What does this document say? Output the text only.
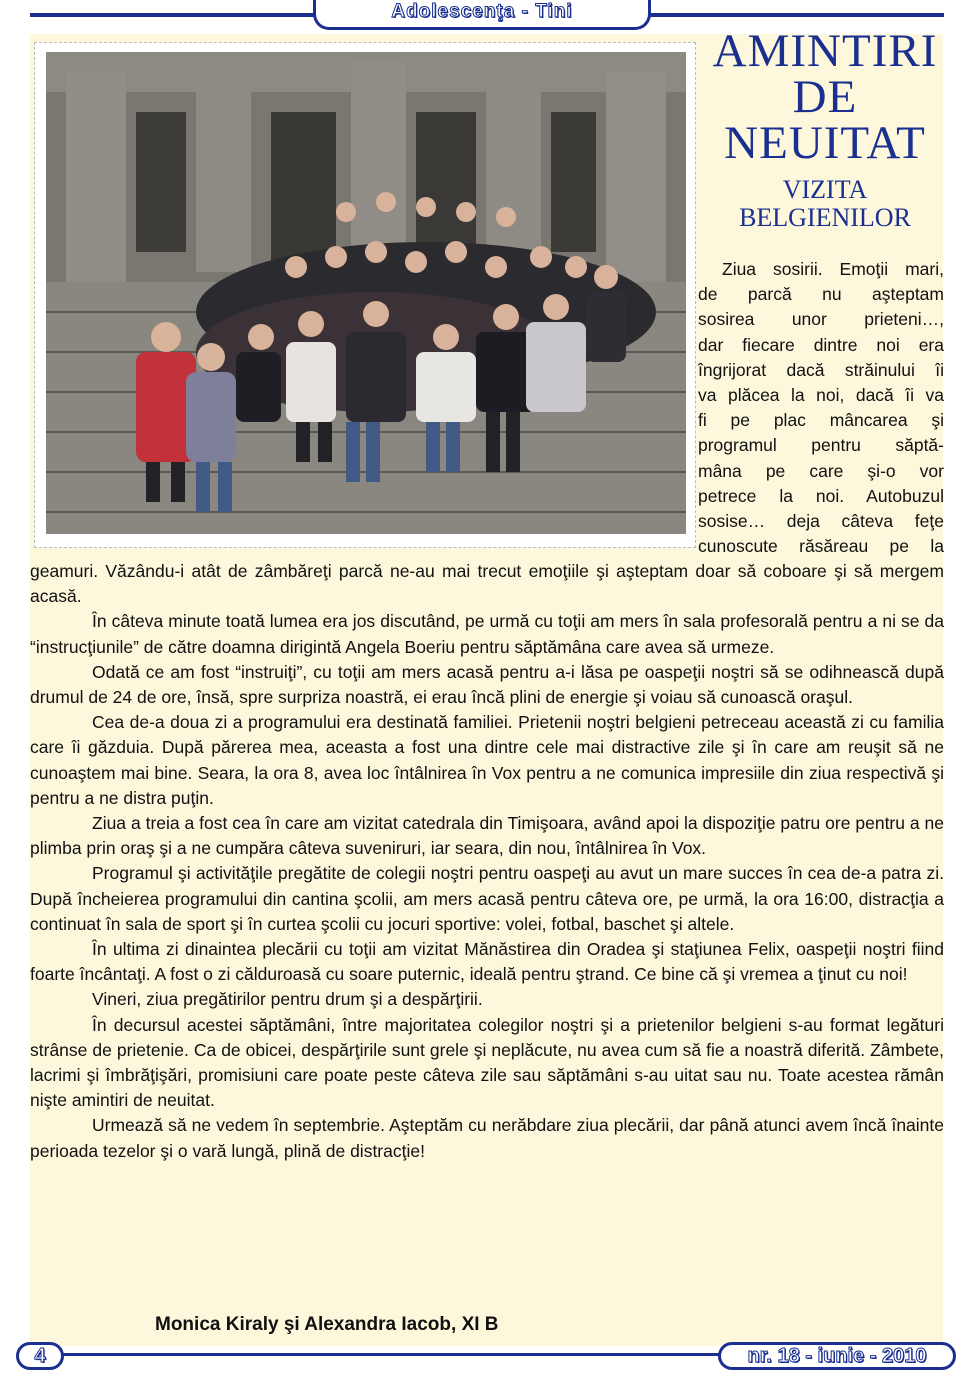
Adolescenţa - Tini
AMINTIRI DE NEUITAT
VIZITA BELGIENILOR
Ziua sosirii. Emoţii mari,
de parcă nu aşteptam
sosirea unor prieteni…,
dar fiecare dintre noi era
îngrijorat dacă străinului îi
va plăcea la noi, dacă îi va
fi pe plac mâncarea şi
programul pentru săptă-
mâna pe care şi-o vor
petrece la noi. Autobuzul
sosise… deja câteva feţe
cunoscute răsăreau pe la

geamuri. Văzându-i atât de zâmbăreţi parcă ne-au mai trecut emoţiile şi aşteptam doar să coboare şi să mergem acasă.

În câteva minute toată lumea era jos discutând, pe urmă cu toţii am mers în sala profesorală pentru a ni se da “instrucţiunile” de către doamna dirigintă Angela Boeriu pentru săptămâna care avea să urmeze.

Odată ce am fost “instruiţi”, cu toţii am mers acasă pentru a-i lăsa pe oaspeţii noştri să se odihnească după drumul de 24 de ore, însă, spre surpriza noastră, ei erau încă plini de energie şi voiau să cunoască oraşul.

Cea de-a doua zi a programului era destinată familiei. Prietenii noştri belgieni petreceau această zi cu familia care îi găzduia. După părerea mea, aceasta a fost una dintre cele mai distractive zile şi în care am reuşit să ne cunoaştem mai bine. Seara, la ora 8, avea loc întâlnirea în Vox pentru a ne comunica impresiile din ziua respectivă şi pentru a ne distra puţin.

Ziua a treia a fost cea în care am vizitat catedrala din Timişoara, având apoi la dispoziţie patru ore pentru a ne plimba prin oraş şi a ne cumpăra câteva suveniruri, iar seara, din nou, întâlnirea în Vox.

Programul şi activităţile pregătite de colegii noştri pentru oaspeţi au avut un mare succes în cea de-a patra zi. După încheierea programului din cantina şcolii, am mers acasă pentru câteva ore, pe urmă, la ora 16:00, distracţia a continuat în sala de sport şi în curtea şcolii cu jocuri sportive: volei, fotbal, baschet şi altele.

În ultima zi dinaintea plecării cu toţii am vizitat Mănăstirea din Oradea şi staţiunea Felix, oaspeţii noştri fiind foarte încântaţi. A fost o zi călduroasă cu soare puternic, ideală pentru ştrand. Ce bine că şi vremea a ţinut cu noi!

Vineri, ziua pregătirilor pentru drum şi a despărţirii.

În decursul acestei săptămâni, între majoritatea colegilor noştri şi a prietenilor belgieni s-au format legături strânse de prietenie. Ca de obicei, despărţirile sunt grele şi neplăcute, nu avea cum să fie a noastră diferită. Zâmbete, lacrimi şi îmbrăţişări, promisiuni care poate peste câteva zile sau săptămâni s-au uitat sau nu. Toate acestea rămân nişte amintiri de neuitat.

Urmează să ne vedem în septembrie. Aşteptăm cu nerăbdare ziua plecării, dar până atunci avem încă înainte perioada tezelor şi o vară lungă, plină de distracţie!

Monica Kiraly şi Alexandra Iacob, XI B
4	nr. 18 - iunie - 2010
